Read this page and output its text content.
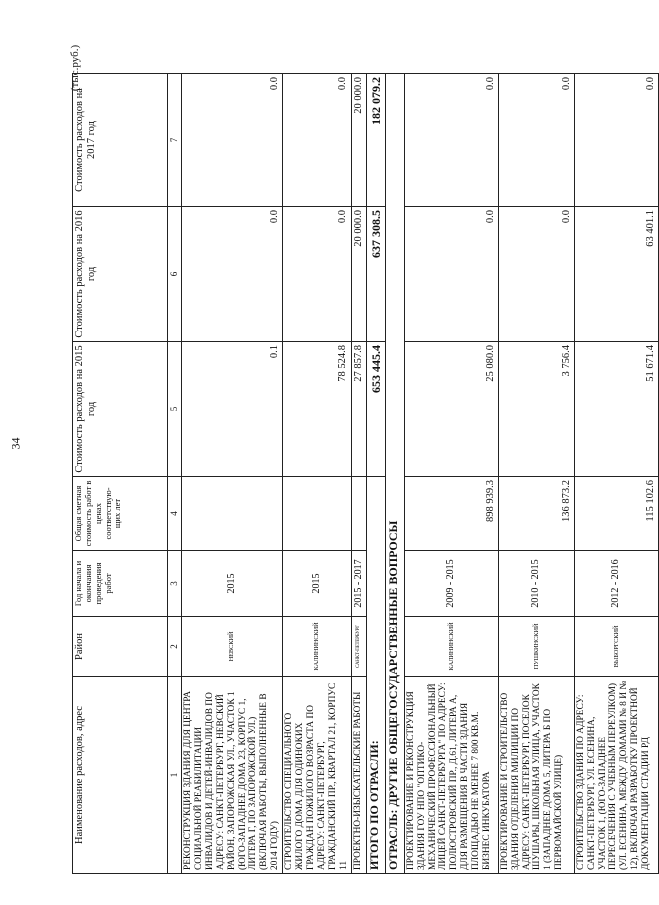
34
(тыс.руб.)
Наименование расходов, адрес	Район	Год начала и окончания проведения работ	Общая сметная стоимость работ в ценах соответствую-щих лет	Стоимость расходов на 2015 год	Стоимость расходов на 2016 год	Стоимость расходов на 2017 год
1	2	3	4	5	6	7
РЕКОНСТРУКЦИЯ ЗДАНИЯ ДЛЯ ЦЕНТРА СОЦИАЛЬНОЙ РЕАБИЛИТАЦИИ ИНВАЛИДОВ И ДЕТЕЙ-ИНВАЛИДОВ ПО АДРЕСУ: САНКТ-ПЕТЕРБУРГ, НЕВСКИЙ РАЙОН, ЗАПОРОЖСКАЯ УЛ., УЧАСТОК 1 (ЮГО-ЗАПАДНЕЕ ДОМА 23, КОРПУС 1, ЛИТЕРА Г, ПО ЗАПОРОЖСКОЙ УЛ.) (ВКЛЮЧАЯ РАБОТЫ, ВЫПОЛНЕННЫЕ В 2014 ГОДУ)	НЕВСКИЙ	2015		0.1	0.0	0.0
СТРОИТЕЛЬСТВО СПЕЦИАЛЬНОГО ЖИЛОГО ДОМА ДЛЯ ОДИНОКИХ ГРАЖДАН ПОЖИЛОГО ВОЗРАСТА ПО АДРЕСУ: САНКТ-ПЕТЕРБУРГ, ГРАЖДАНСКИЙ ПР., КВАРТАЛ 21, КОРПУС 11	КАЛИНИНСКИЙ	2015		78 524.8	0.0	0.0
ПРОЕКТНО-ИЗЫСКАТЕЛЬСКИЕ РАБОТЫ	САНКТ-ПЕТЕРБУРГ	2015 - 2017		27 857.8	20 000.0	20 000.0
ИТОГО ПО ОТРАСЛИ:				653 445.4	637 308.5	182 079.2
ОТРАСЛЬ: ДРУГИЕ ОБЩЕГОСУДАРСТВЕННЫЕ ВОПРОСЫ						
ПРОЕКТИРОВАНИЕ И РЕКОНСТРУКЦИЯ ЗДАНИЯ ГОУ НПО "ОПТИКО-МЕХАНИЧЕСКИЙ ПРОФЕССИОНАЛЬНЫЙ ЛИЦЕЙ САНКТ-ПЕТЕРБУРГА" ПО АДРЕСУ: ПОЛЮСТРОВСКИЙ ПР., Д.61, ЛИТЕРА А, ДЛЯ РАЗМЕЩЕНИЯ В ЧАСТИ ЗДАНИЯ ПЛОЩАДЬЮ НЕ МЕНЕЕ 7 800 КВ.М. БИЗНЕС ИНКУБАТОРА	КАЛИНИНСКИЙ	2009 - 2015	898 939.3	25 080.0	0.0	0.0
ПРОЕКТИРОВАНИЕ И СТРОИТЕЛЬСТВО ЗДАНИЯ ОТДЕЛЕНИЯ МИЛИЦИИ ПО АДРЕСУ: САНКТ-ПЕТЕРБУРГ, ПОСЕЛОК ШУШАРЫ, ШКОЛЬНАЯ УЛИЦА, УЧАСТОК 1 (ЗАПАДНЕЕ ДОМА 5, ЛИТЕРА Б ПО ПЕРВОМАЙСКОЙ УЛИЦЕ)	ПУШКИНСКИЙ	2010 - 2015	136 873.2	3 756.4	0.0	0.0
СТРОИТЕЛЬСТВО ЗДАНИЯ ПО АДРЕСУ: САНКТ-ПЕТЕРБУРГ, УЛ. ЕСЕНИНА, УЧАСТОК 1, (ЮГО-ЗАПАДНЕЕ ПЕРЕСЕЧЕНИЯ С УЧЕБНЫМ ПЕРЕУЛКОМ) (УЛ. ЕСЕНИНА, МЕЖДУ ДОМАМИ № 8 И № 12), ВКЛЮЧАЯ РАЗРАБОТКУ ПРОЕКТНОЙ ДОКУМЕНТАЦИИ СТАДИИ РД	ВЫБОРГСКИЙ	2012 - 2016	115 102.6	51 671.4	63 401.1	0.0
